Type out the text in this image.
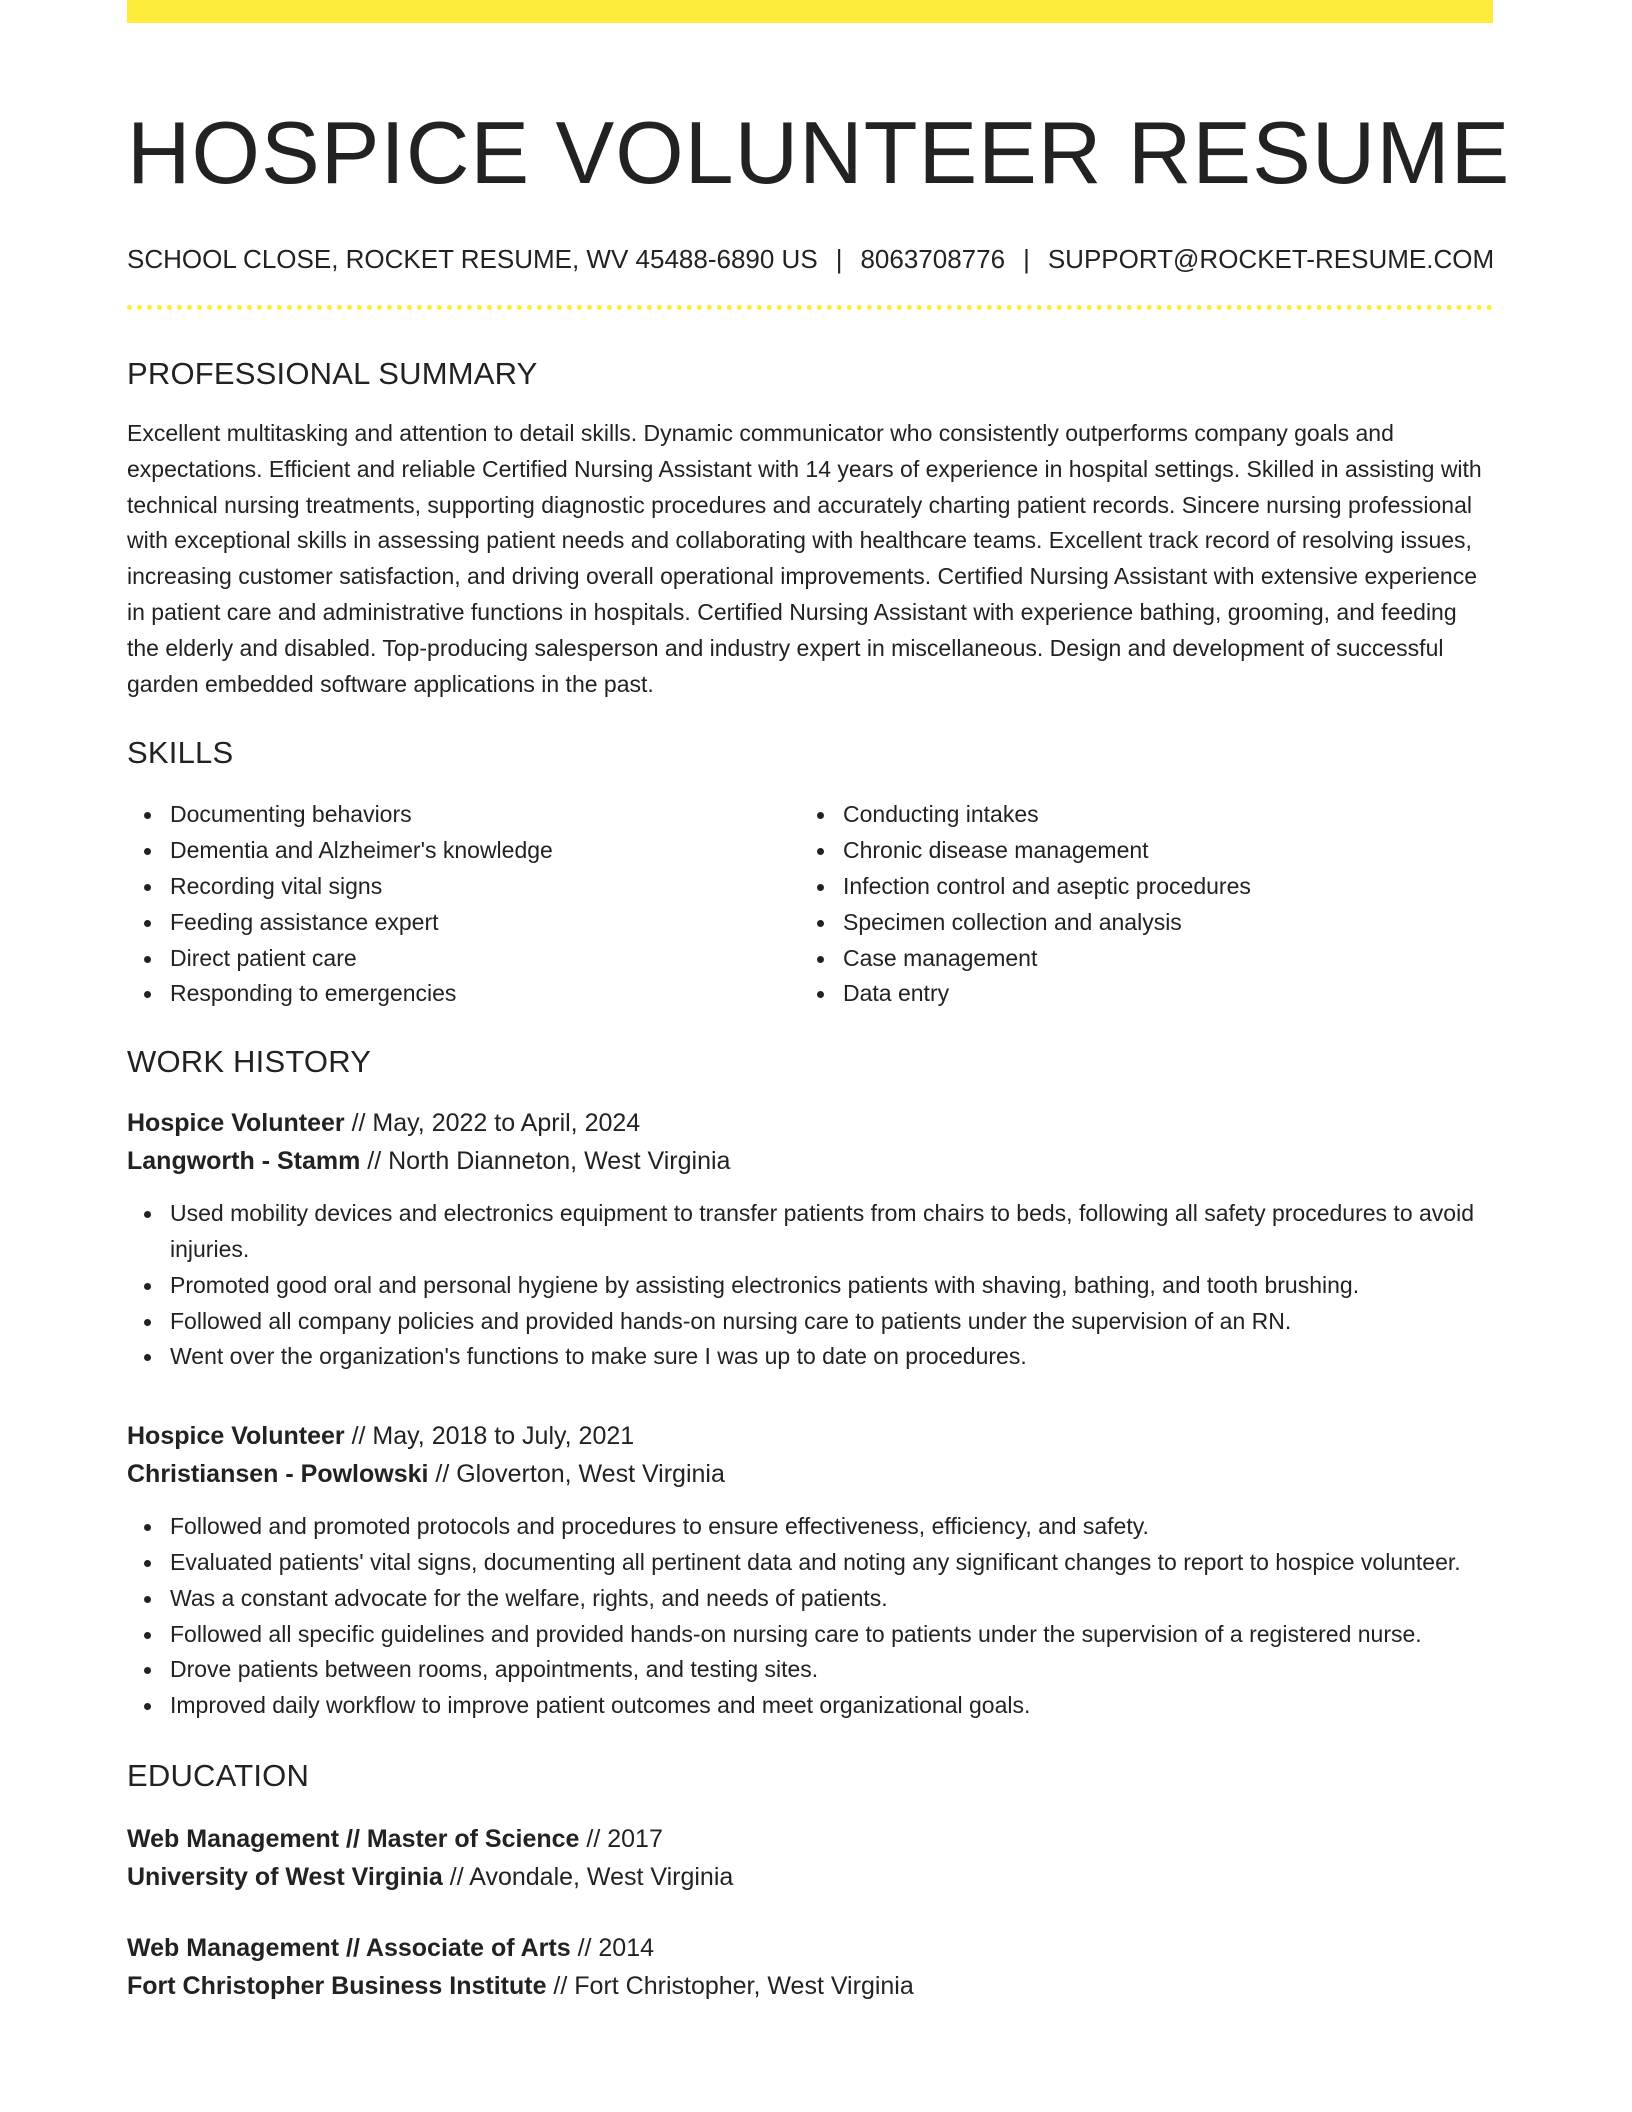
HOSPICE VOLUNTEER RESUME
SCHOOL CLOSE, ROCKET RESUME, WV 45488-6890 US | 8063708776 | SUPPORT@ROCKET-RESUME.COM
PROFESSIONAL SUMMARY

Excellent multitasking and attention to detail skills. Dynamic communicator who consistently outperforms company goals and expectations. Efficient and reliable Certified Nursing Assistant with 14 years of experience in hospital settings. Skilled in assisting with technical nursing treatments, supporting diagnostic procedures and accurately charting patient records. Sincere nursing professional with exceptional skills in assessing patient needs and collaborating with healthcare teams. Excellent track record of resolving issues, increasing customer satisfaction, and driving overall operational improvements. Certified Nursing Assistant with extensive experience in patient care and administrative functions in hospitals. Certified Nursing Assistant with experience bathing, grooming, and feeding the elderly and disabled. Top-producing salesperson and industry expert in miscellaneous. Design and development of successful garden embedded software applications in the past.

SKILLS
Documenting behaviors
Dementia and Alzheimer's knowledge
Recording vital signs
Feeding assistance expert
Direct patient care
Responding to emergencies
Conducting intakes
Chronic disease management
Infection control and aseptic procedures
Specimen collection and analysis
Case management
Data entry
WORK HISTORY
Hospice Volunteer // May, 2022 to April, 2024
Langworth - Stamm // North Dianneton, West Virginia
Used mobility devices and electronics equipment to transfer patients from chairs to beds, following all safety procedures to avoid injuries.
Promoted good oral and personal hygiene by assisting electronics patients with shaving, bathing, and tooth brushing.
Followed all company policies and provided hands-on nursing care to patients under the supervision of an RN.
Went over the organization's functions to make sure I was up to date on procedures.
Hospice Volunteer // May, 2018 to July, 2021
Christiansen - Powlowski // Gloverton, West Virginia
Followed and promoted protocols and procedures to ensure effectiveness, efficiency, and safety.
Evaluated patients' vital signs, documenting all pertinent data and noting any significant changes to report to hospice volunteer.
Was a constant advocate for the welfare, rights, and needs of patients.
Followed all specific guidelines and provided hands-on nursing care to patients under the supervision of a registered nurse.
Drove patients between rooms, appointments, and testing sites.
Improved daily workflow to improve patient outcomes and meet organizational goals.
EDUCATION
Web Management // Master of Science // 2017
University of West Virginia // Avondale, West Virginia
Web Management // Associate of Arts // 2014
Fort Christopher Business Institute // Fort Christopher, West Virginia
